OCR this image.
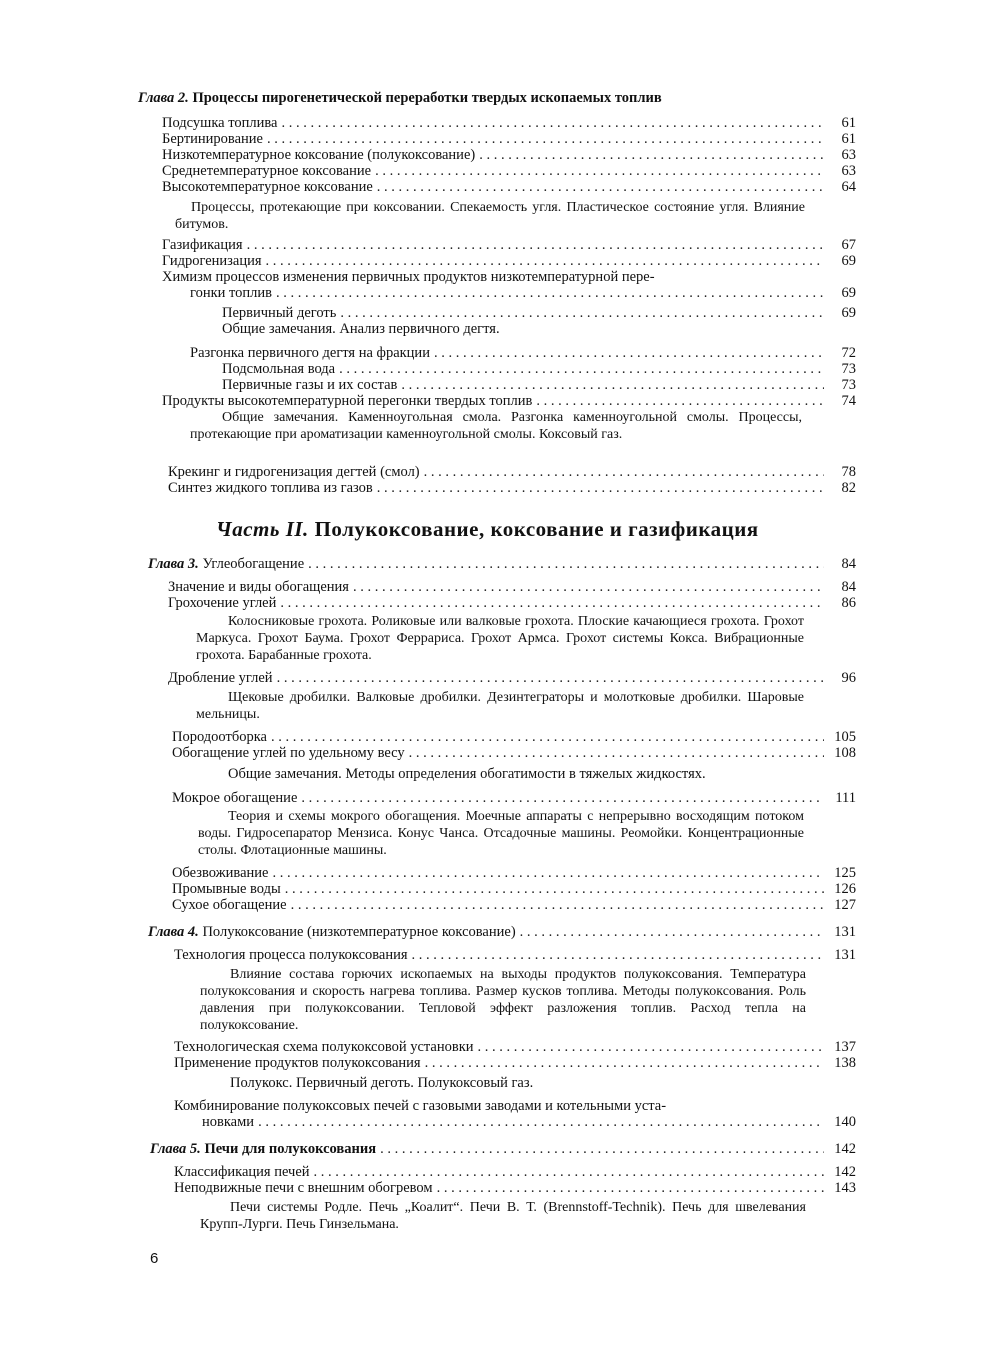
Глава 2. Процессы пирогенетической переработки твердых ископаемых топлив
Подсушка топлива . . .	61
Бертинирование . . .	61
Низкотемпературное коксование (полукоксование) . . .	63
Среднетемпературное коксование . . .	63
Высокотемпературное коксование . . .	64
Процессы, протекающие при коксовании. Спекаемость угля. Пластическое состояние угля. Влияние битумов.
Газификация . . .	67
Гидрогенизация . . .	69
Химизм процессов изменения первичных продуктов низкотемпературной пере-
гонки топлив . . .	69
Первичный деготь . . .	69
Общие замечания. Анализ первичного дегтя.
Разгонка первичного дегтя на фракции . . .	72
Подсмольная вода . . .	73
Первичные газы и их состав . . .	73
Продукты высокотемпературной перегонки твердых топлив . . .	74
Общие замечания. Каменноугольная смола. Разгонка каменноугольной смолы. Процессы, протекающие при ароматизации каменноугольной смолы. Коксовый газ.
Крекинг и гидрогенизация дегтей (смол) . . .	78
Синтез жидкого топлива из газов . . .	82
Часть II. Полукоксование, коксование и газификация
Глава 3. Углеобогащение . . .	84
Значение и виды обогащения . . .	84
Грохочение углей . . .	86
Колосниковые грохота. Роликовые или валковые грохота. Плоские качающиеся грохота. Грохот Маркуса. Грохот Баума. Грохот Феррариса. Грохот Армса. Грохот системы Кокса. Вибрационные грохота. Барабанные грохота.
Дробление углей . . .	96
Щековые дробилки. Валковые дробилки. Дезинтеграторы и молотковые дробилки. Шаровые мельницы.
Породоотборка . . .	105
Обогащение углей по удельному весу . . .	108
Общие замечания. Методы определения обогатимости в тяжелых жидкостях.
Мокрое обогащение . . .	111
Теория и схемы мокрого обогащения. Моечные аппараты с непрерывно восходящим потоком воды. Гидросепаратор Мензиса. Конус Чанса. Отсадочные машины. Реомойки. Концентрационные столы. Флотационные машины.
Обезвоживание . . .	125
Промывные воды . . .	126
Сухое обогащение . . .	127
Глава 4. Полукоксование (низкотемпературное коксование) . . .	131
Технология процесса полукоксования . . .	131
Влияние состава горючих ископаемых на выходы продуктов полукоксования. Температура полукоксования и скорость нагрева топлива. Размер кусков топлива. Методы полукоксования. Роль давления при полукоксовании. Тепловой эффект разложения топлив. Расход тепла на полукоксование.
Технологическая схема полукоксовой установки . . .	137
Применение продуктов полукоксования . . .	138
Полукокс. Первичный деготь. Полукоксовый газ.
Комбинирование полукоксовых печей с газовыми заводами и котельными уста-
новками . . .	140
Глава 5. Печи для полукоксования . . .	142
Классификация печей . . .	142
Неподвижные печи с внешним обогревом . . .	143
Печи системы Родле. Печь „Коалит“. Печи В. Т. (Brennstoff-Technik). Печь для швелевания Крупп-Лурги. Печь Гинзельмана.
6
